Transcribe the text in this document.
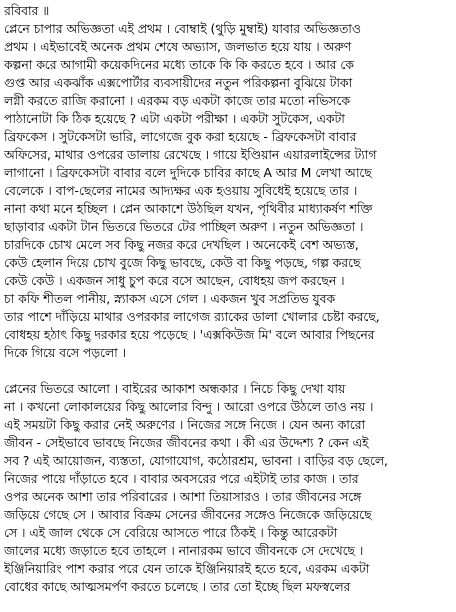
রবিবার ॥
প্লেনে চাপার অভিজ্ঞতা এই প্রথম । বোম্বাই (থুড়ি মুম্বাই) যাবার অভিজ্ঞতাও
প্রথম । এইভাবেই অনেক প্রথম শেষে অভ্যাস, জলভাত হয়ে যায় । অরুণ
কল্পনা করে আগামী কয়েকদিনের মধ্যে তাকে কি কি করতে হবে । আর কে
গুপ্ত আর একঝাঁক এক্সপোর্টার ব্যবসায়ীদের নতুন পরিকল্পনা বুঝিয়ে টাকা
লগ্নী করতে রাজি করানো । এরকম বড় একটা কাজে তার মতো নভিসকে
পাঠানোটা কি ঠিক হয়েছে ? এটা একটা পরীক্ষা । একটা সুটকেস, একটা
ব্রিফকেস । সুটকেসটা ভারি, লাগেজে বুক করা হয়েছে - ব্রিফকেসটা বাবার
অফিসের, মাথার ওপরের ডালায় রেখেছে । গায়ে ইণ্ডিয়ান এয়ারলাইন্সের ট্যাগ
লাগানো । ব্রিফকেসটা বাবার বলে দুদিকে চাবির কাছে A আর M লেখা আছে
বেলেকে । বাপ-ছেলের নামের আদ্যক্ষর এক হওয়ায় সুবিধেই হয়েছে তার ।
নানা কথা মনে হচ্ছিল । প্লেন আকাশে উঠছিল যখন, পৃথিবীর মাধ্যাকর্ষণ শক্তি
ছাড়াবার একটা টান ভিতরে ভিতরে টের পাচ্ছিল অরুণ । নতুন অভিজ্ঞতা ।
চারদিকে চোখ মেলে সব কিছু নজর করে দেখছিল । অনেকেই বেশ অভ্যস্ত,
কেউ হেলান দিয়ে চোখ বুজে কিছু ভাবছে, কেউ বা কিছু পড়ছে, গল্প করছে
কেউ কেউ । একজন সাধু চুপ করে বসে আছেন, বোধহয় জপ করছেন ।
চা কফি শীতল পানীয়, স্ন্যাকস এসে গেল । একজন খুব সপ্রতিভ যুবক
তার পাশে দাঁড়িয়ে মাথার ওপরকার লাগেজ র‍্যাকের ডালা খোলার চেষ্টা করছে,
বোধহয় হঠাৎ কিছু দরকার হয়ে পড়েছে । 'এক্সকিউজ মি' বলে আবার পিছনের
দিকে গিয়ে বসে পড়লো ।
প্লেনের ভিতরে আলো । বাইরের আকাশ অন্ধকার । নিচে কিছু দেখা যায়
না । কখনো লোকালয়ের কিছু আলোর বিন্দু । আরো ওপরে উঠলে তাও নয় ।
এই সময়টা কিছু করার নেই অরুণের । নিজের সঙ্গে নিজে । যেন অন্য কারো
জীবন - সেইভাবে ভাবছে নিজের জীবনের কথা । কী এর উদ্দেশ্য ? কেন এই
সব ? এই আয়োজন, ব্যস্ততা, যোগাযোগ, কঠোরশ্রম, ভাবনা । বাড়ির বড় ছেলে,
নিজের পায়ে দাঁড়াতে হবে । বাবার অবসরের পরে এইটাই তার কাজ । তার
ওপর অনেক আশা তার পরিবারের । আশা তিয়াসারও । তার জীবনের সঙ্গে
জড়িয়ে গেছে সে । আবার বিক্রম সেনের জীবনের সঙ্গেও নিজেকে জড়িয়েছে
সে । এই জাল থেকে সে বেরিয়ে আসতে পারে ঠিকই । কিন্তু আরেকটা
জালের মধ্যে জড়াতে হবে তাহলে । নানারকম ভাবে জীবনকে সে দেখেছে ।
ইঞ্জিনিয়ারিং পাশ করার পরে যেন তাকে ইঞ্জিনিয়ারই হতে হবে, এরকম একটা
বোধের কাছে আত্মসমর্পণ করতে চলেছে । তার তো ইচ্ছে ছিল মফস্বলের
